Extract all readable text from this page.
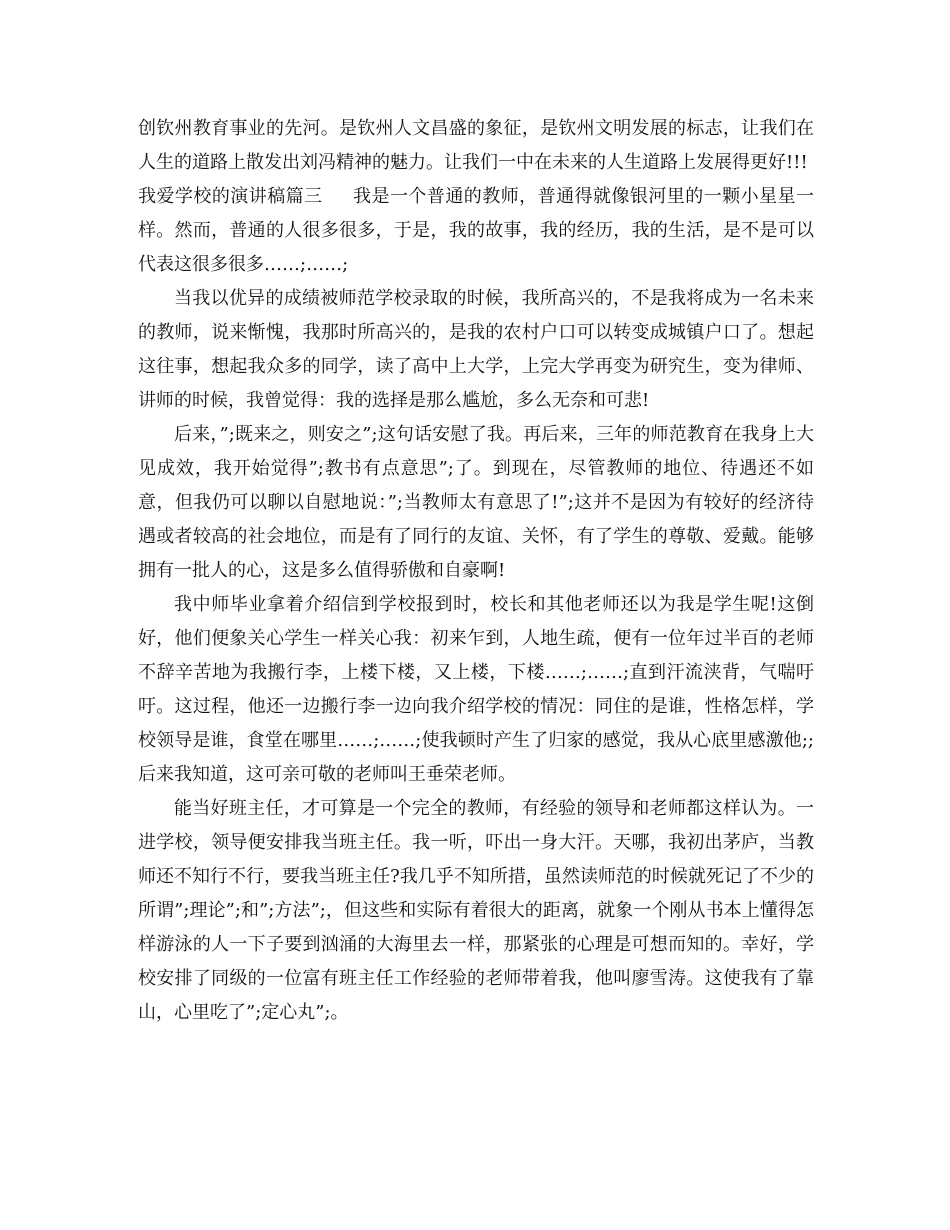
创钦州教育事业的先河。是钦州人文昌盛的象征，是钦州文明发展的标志，让我们在人生的道路上散发出刘冯精神的魅力。让我们一中在未来的人生道路上发展得更好!!!

我爱学校的演讲稿篇三 我是一个普通的教师，普通得就像银河里的一颗小星星一样。然而，普通的人很多很多，于是，我的故事，我的经历，我的生活，是不是可以代表这很多很多……;……;

当我以优异的成绩被师范学校录取的时候，我所高兴的，不是我将成为一名未来的教师，说来惭愧，我那时所高兴的，是我的农村户口可以转变成城镇户口了。想起这往事，想起我众多的同学，读了高中上大学，上完大学再变为研究生，变为律师、讲师的时候，我曾觉得：我的选择是那么尴尬，多么无奈和可悲!

后来，”;既来之，则安之”;这句话安慰了我。再后来，三年的师范教育在我身上大见成效，我开始觉得”;教书有点意思”;了。到现在，尽管教师的地位、待遇还不如意，但我仍可以聊以自慰地说：”;当教师太有意思了!”;这并不是因为有较好的经济待遇或者较高的社会地位，而是有了同行的友谊、关怀，有了学生的尊敬、爱戴。能够拥有一批人的心，这是多么值得骄傲和自豪啊!

我中师毕业拿着介绍信到学校报到时，校长和其他老师还以为我是学生呢!这倒好，他们便象关心学生一样关心我：初来乍到，人地生疏，便有一位年过半百的老师不辞辛苦地为我搬行李，上楼下楼，又上楼，下楼……;……;直到汗流浃背，气喘吁吁。这过程，他还一边搬行李一边向我介绍学校的情况：同住的是谁，性格怎样，学校领导是谁，食堂在哪里……;……;使我顿时产生了归家的感觉，我从心底里感激他;;后来我知道，这可亲可敬的老师叫王垂荣老师。

能当好班主任，才可算是一个完全的教师，有经验的领导和老师都这样认为。一进学校，领导便安排我当班主任。我一听，吓出一身大汗。天哪，我初出茅庐，当教师还不知行不行，要我当班主任?我几乎不知所措，虽然读师范的时候就死记了不少的所谓”;理论”;和”;方法”;，但这些和实际有着很大的距离，就象一个刚从书本上懂得怎样游泳的人一下子要到汹涌的大海里去一样，那紧张的心理是可想而知的。幸好，学校安排了同级的一位富有班主任工作经验的老师带着我，他叫廖雪涛。这使我有了靠山，心里吃了”;定心丸”;。
